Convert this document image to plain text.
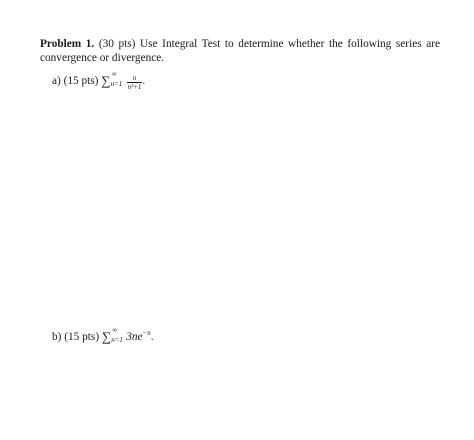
Problem 1. (30 pts) Use Integral Test to determine whether the following series are convergence or divergence.
a) (15 pts) ∑ ∞
$n=1 \frac{n}{\text{n²+1}}$ .
b) (15 pts) ∑ ∞
n=1 $3ne^{-n}$.
